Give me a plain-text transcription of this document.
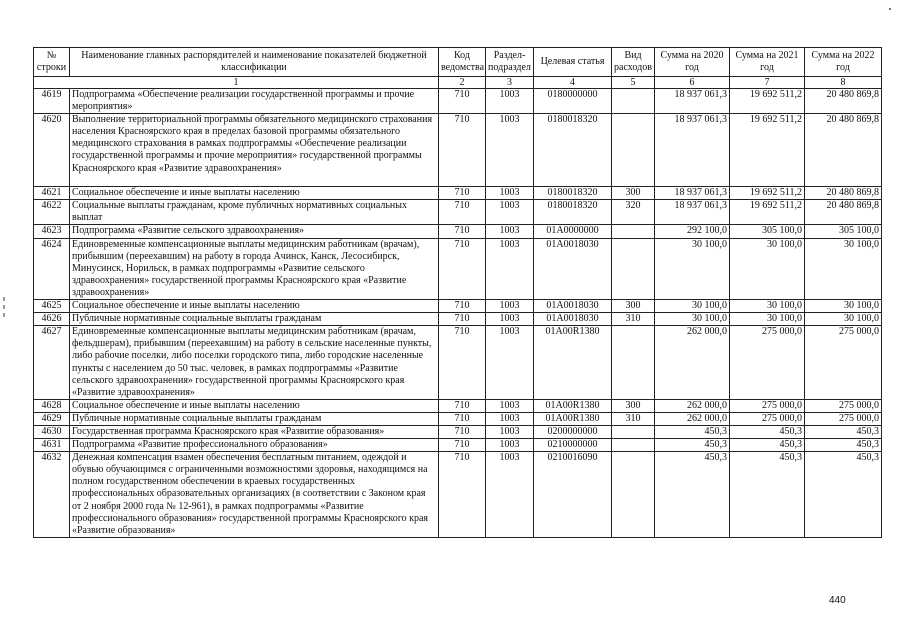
№ строки	Наименование главных распорядителей и наименование показателей бюджетной классификации	Код ведомства	Раздел-подраздел	Целевая статья	Вид расходов	Сумма на 2020 год	Сумма на 2021 год	Сумма на 2022 год
1		2	3	4	5	6	7	8
4619	Подпрограмма «Обеспечение реализации государственной программы и прочие мероприятия»	710	1003	0180000000		18 937 061,3	19 692 511,2	20 480 869,8
4620	Выполнение территориальной программы обязательного медицинского страхования населения Красноярского края в пределах базовой программы обязательного медицинского страхования в рамках подпрограммы «Обеспечение реализации государственной программы и прочие мероприятия» государственной программы Красноярского края «Развитие здравоохранения»	710	1003	0180018320		18 937 061,3	19 692 511,2	20 480 869,8
4621	Социальное обеспечение и иные выплаты населению	710	1003	0180018320	300	18 937 061,3	19 692 511,2	20 480 869,8
4622	Социальные выплаты гражданам, кроме публичных нормативных социальных выплат	710	1003	0180018320	320	18 937 061,3	19 692 511,2	20 480 869,8
4623	Подпрограмма «Развитие сельского здравоохранения»	710	1003	01А0000000		292 100,0	305 100,0	305 100,0
4624	Единовременные компенсационные выплаты медицинским работникам (врачам), прибывшим (переехавшим) на работу в города Ачинск, Канск, Лесосибирск, Минусинск, Норильск, в рамках подпрограммы «Развитие сельского здравоохранения» государственной программы Красноярского края «Развитие здравоохранения»	710	1003	01А0018030		30 100,0	30 100,0	30 100,0
4625	Социальное обеспечение и иные выплаты населению	710	1003	01А0018030	300	30 100,0	30 100,0	30 100,0
4626	Публичные нормативные социальные выплаты гражданам	710	1003	01А0018030	310	30 100,0	30 100,0	30 100,0
4627	Единовременные компенсационные выплаты медицинским работникам (врачам, фельдшерам), прибывшим (переехавшим) на работу в сельские населенные пункты, либо рабочие поселки, либо поселки городского типа, либо городские населенные пункты с населением до 50 тыс. человек, в рамках подпрограммы «Развитие сельского здравоохранения» государственной программы Красноярского края «Развитие здравоохранения»	710	1003	01А00R1380		262 000,0	275 000,0	275 000,0
4628	Социальное обеспечение и иные выплаты населению	710	1003	01А00R1380	300	262 000,0	275 000,0	275 000,0
4629	Публичные нормативные социальные выплаты гражданам	710	1003	01А00R1380	310	262 000,0	275 000,0	275 000,0
4630	Государственная программа Красноярского края «Развитие образования»	710	1003	0200000000		450,3	450,3	450,3
4631	Подпрограмма «Развитие профессионального образования»	710	1003	0210000000		450,3	450,3	450,3
4632	Денежная компенсация взамен обеспечения бесплатным питанием, одеждой и обувью обучающимся с ограниченными возможностями здоровья, находящимся на полном государственном обеспечении в краевых государственных профессиональных образовательных организациях (в соответствии с Законом края от 2 ноября 2000 года № 12-961), в рамках подпрограммы «Развитие профессионального образования» государственной программы Красноярского края «Развитие образования»	710	1003	0210016090		450,3	450,3	450,3
440
